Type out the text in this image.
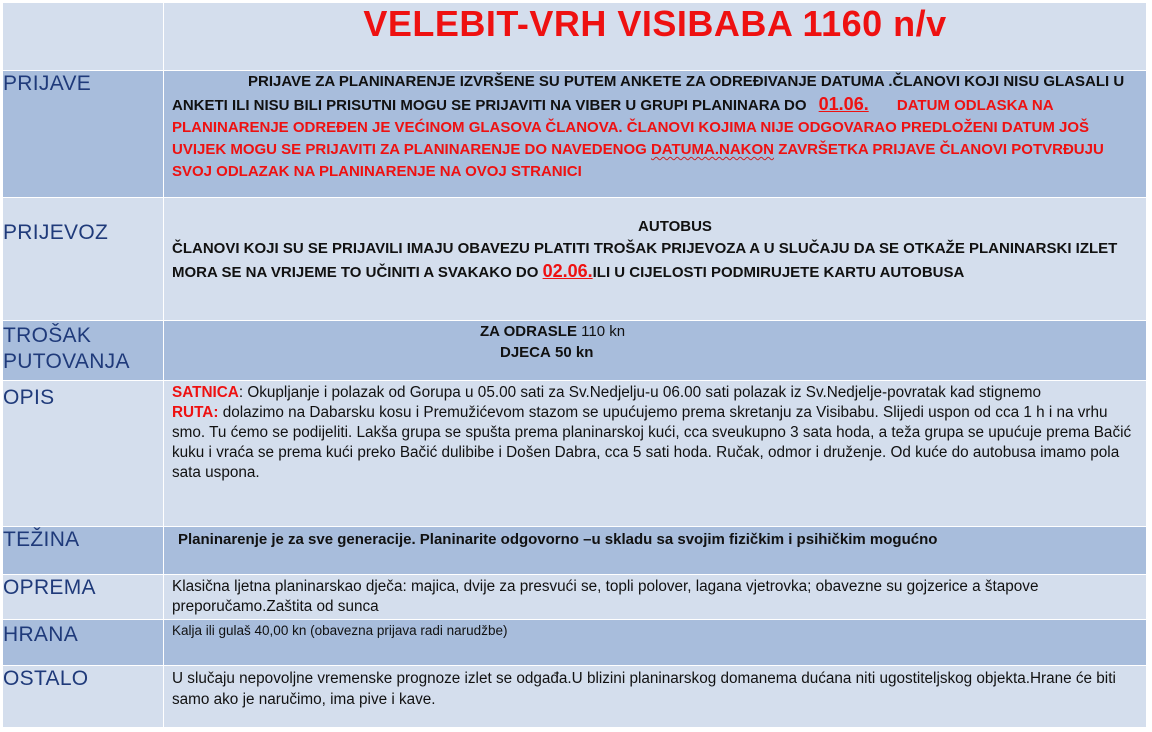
	VELEBIT-VRH VISIBABA 1160 n/v
PRIJAVE	PRIJAVE ZA PLANINARENJE IZVRŠENE SU PUTEM ANKETE ZA ODREĐIVANJE DATUMA .ČLANOVI KOJI NISU GLASALI U ANKETI ILI NISU BILI PRISUTNI MOGU SE PRIJAVITI NA VIBER U GRUPI PLANINARA DO 01.06. DATUM ODLASKA NA PLANINARENJE ODREĐEN JE VEĆINOM GLASOVA ČLANOVA. ČLANOVI KOJIMA NIJE ODGOVARAO PREDLOŽENI DATUM JOŠ UVIJEK MOGU SE PRIJAVITI ZA PLANINARENJE DO NAVEDENOG DATUMA.NAKON ZAVRŠETKA PRIJAVE ČLANOVI POTVRĐUJU SVOJ ODLAZAK NA PLANINARENJE NA OVOJ STRANICI

PRIJEVOZ	AUTOBUS
ČLANOVI KOJI SU SE PRIJAVILI IMAJU OBAVEZU PLATITI TROŠAK PRIJEVOZA A U SLUČAJU DA SE OTKAŽE PLANINARSKI IZLET MORA SE NA VRIJEME TO UČINITI A SVAKAKO DO 02.06.ILI U CIJELOSTI PODMIRUJETE KARTU AUTOBUSA

TROŠAK PUTOVANJA	ZA ODRASLE 110 kn
DJECA 50 kn

OPIS	SATNICA: Okupljanje i polazak od Gorupa u 05.00 sati za Sv.Nedjelju-u 06.00 sati polazak iz Sv.Nedjelje-povratak kad stignemo
RUTA: dolazimo na Dabarsku kosu i Premužićevom stazom se upućujemo prema skretanju za Visibabu. Slijedi uspon od cca 1 h i na vrhu smo. Tu ćemo se podijeliti. Lakša grupa se spušta prema planinarskoj kući, cca sveukupno 3 sata hoda, a teža grupa se upućuje prema Bačić kuku i vraća se prema kući preko Bačić dulibibe i Došen Dabra, cca 5 sati hoda. Ručak, odmor i druženje. Od kuće do autobusa imamo pola sata uspona.

TEŽINA	Planinarenje je za sve generacije. Planinarite odgovorno –u skladu sa svojim fizičkim i psihičkim mogućno
OPREMA	Klasična ljetna planinarskao dječa: majica, dvije za presvući se, topli polover, lagana vjetrovka; obavezne su gojzerice a štapove preporučamo.Zaštita od sunca
HRANA	Kalja ili gulaš 40,00 kn (obavezna prijava radi narudžbe)
OSTALO	U slučaju nepovoljne vremenske prognoze izlet se odgađa.U blizini planinarskog domanemа dućana niti ugostiteljskog objekta.Hrane će biti samo ako je naručimo, ima pive i kave.
